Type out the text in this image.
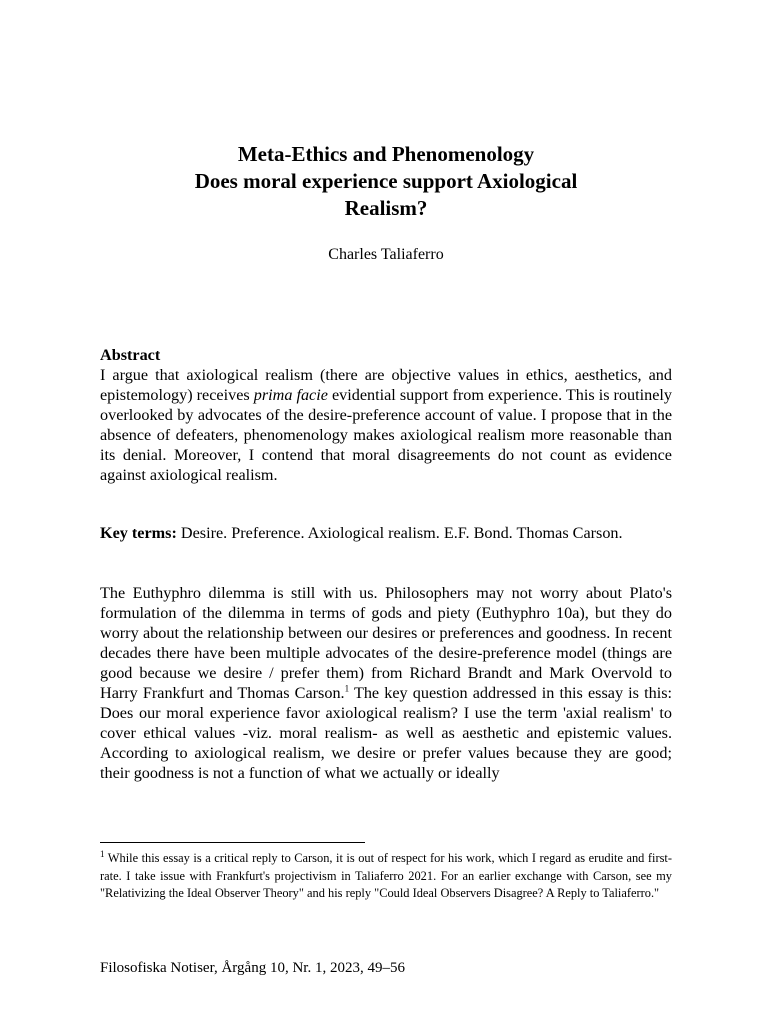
Meta-Ethics and Phenomenology
Does moral experience support Axiological
Realism?
Charles Taliaferro
Abstract
I argue that axiological realism (there are objective values in ethics, aesthetics, and epistemology) receives prima facie evidential support from experience. This is routinely overlooked by advocates of the desire-preference account of value. I propose that in the absence of defeaters, phenomenology makes axiological realism more reasonable than its denial. Moreover, I contend that moral disagreements do not count as evidence against axiological realism.
Key terms: Desire. Preference. Axiological realism. E.F. Bond. Thomas Carson.
The Euthyphro dilemma is still with us. Philosophers may not worry about Plato's formulation of the dilemma in terms of gods and piety (Euthyphro 10a), but they do worry about the relationship between our desires or preferences and goodness. In recent decades there have been multiple advocates of the desire-preference model (things are good because we desire / prefer them) from Richard Brandt and Mark Overvold to Harry Frankfurt and Thomas Carson.$^1$ The key question addressed in this essay is this: Does our moral experience favor axiological realism? I use the term 'axial realism' to cover ethical values -viz. moral realism- as well as aesthetic and epistemic values. According to axiological realism, we desire or prefer values because they are good; their goodness is not a function of what we actually or ideally
$^1$ While this essay is a critical reply to Carson, it is out of respect for his work, which I regard as erudite and first-rate. I take issue with Frankfurt's projectivism in Taliaferro 2021. For an earlier exchange with Carson, see my "Relativizing the Ideal Observer Theory" and his reply "Could Ideal Observers Disagree? A Reply to Taliaferro."
Filosofiska Notiser, Årgång 10, Nr. 1, 2023, 49–56
